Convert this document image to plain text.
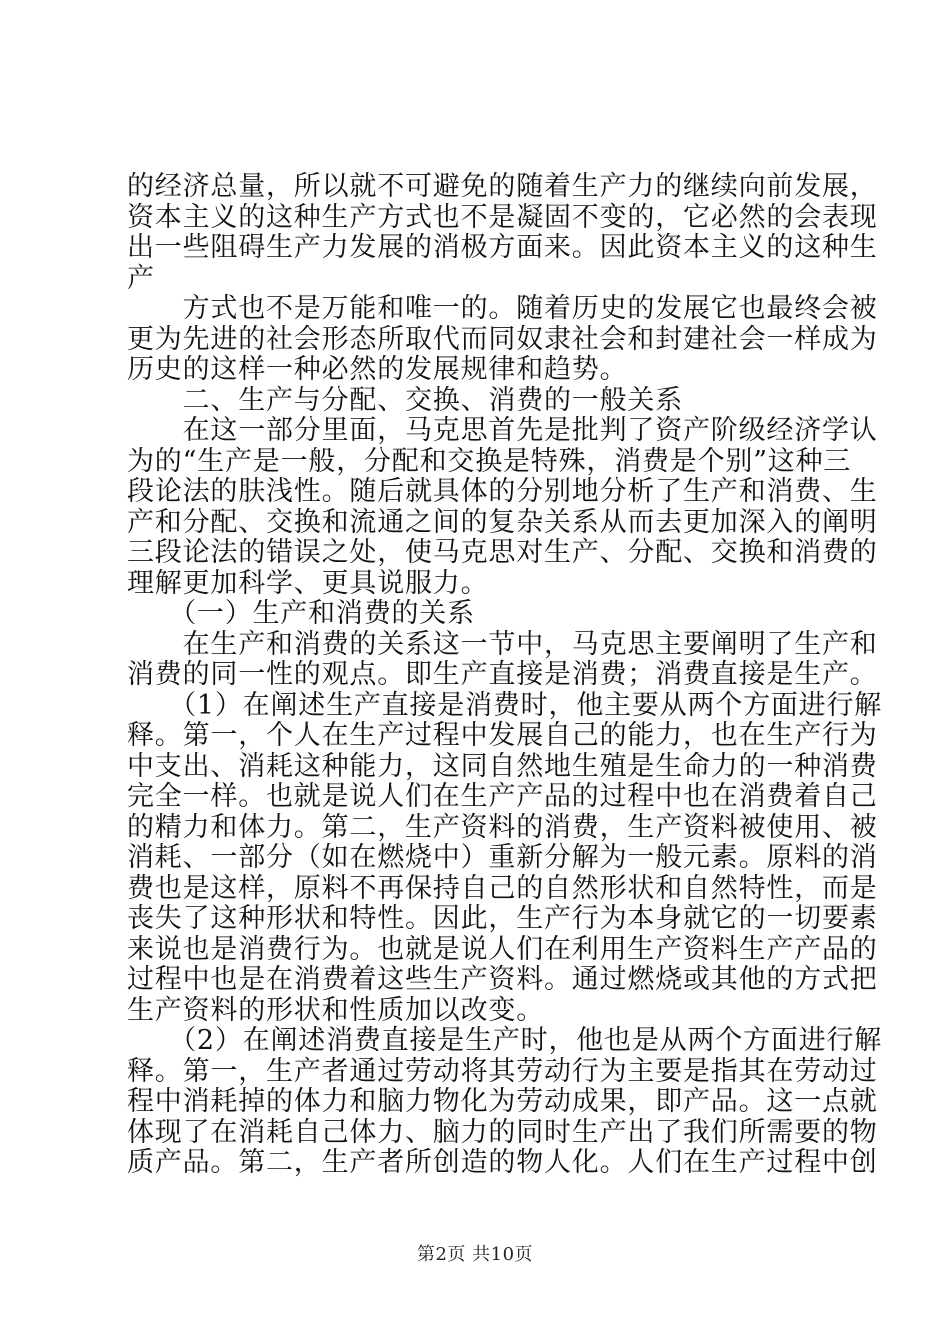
的经济总量，所以就不可避免的随着生产力的继续向前发展，
资本主义的这种生产方式也不是凝固不变的，它必然的会表现
出一些阻碍生产力发展的消极方面来。因此资本主义的这种生
产
　　方式也不是万能和唯一的。随着历史的发展它也最终会被
更为先进的社会形态所取代而同奴隶社会和封建社会一样成为
历史的这样一种必然的发展规律和趋势。
　　二、生产与分配、交换、消费的一般关系
　　在这一部分里面，马克思首先是批判了资产阶级经济学认
为的“生产是一般，分配和交换是特殊，消费是个别”这种三
段论法的肤浅性。随后就具体的分别地分析了生产和消费、生
产和分配、交换和流通之间的复杂关系从而去更加深入的阐明
三段论法的错误之处，使马克思对生产、分配、交换和消费的
理解更加科学、更具说服力。
　　（一）生产和消费的关系
　　在生产和消费的关系这一节中，马克思主要阐明了生产和
消费的同一性的观点。即生产直接是消费；消费直接是生产。
　　（1）在阐述生产直接是消费时，他主要从两个方面进行解
释。第一，个人在生产过程中发展自己的能力，也在生产行为
中支出、消耗这种能力，这同自然地生殖是生命力的一种消费
完全一样。也就是说人们在生产产品的过程中也在消费着自己
的精力和体力。第二，生产资料的消费，生产资料被使用、被
消耗、一部分（如在燃烧中）重新分解为一般元素。原料的消
费也是这样，原料不再保持自己的自然形状和自然特性，而是
丧失了这种形状和特性。因此，生产行为本身就它的一切要素
来说也是消费行为。也就是说人们在利用生产资料生产产品的
过程中也是在消费着这些生产资料。通过燃烧或其他的方式把
生产资料的形状和性质加以改变。
　　（2）在阐述消费直接是生产时，他也是从两个方面进行解
释。第一，生产者通过劳动将其劳动行为主要是指其在劳动过
程中消耗掉的体力和脑力物化为劳动成果，即产品。这一点就
体现了在消耗自己体力、脑力的同时生产出了我们所需要的物
质产品。第二，生产者所创造的物人化。人们在生产过程中创
第2页 共10页
